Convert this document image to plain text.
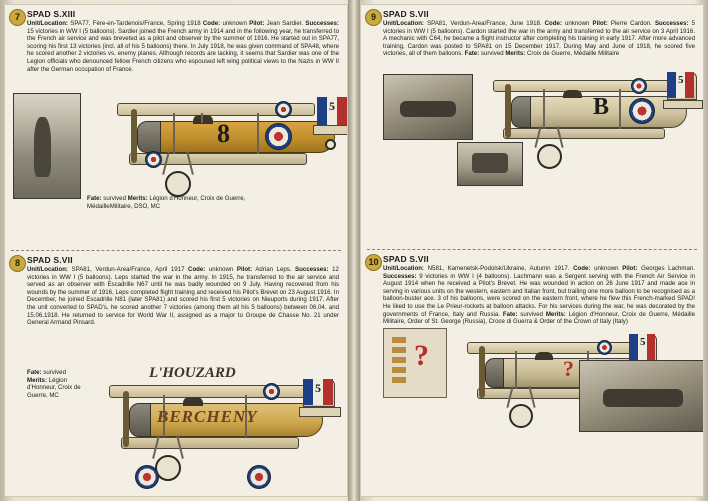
7 SPAD S.XIII

Unit/Location: SPA77, Fère-en-Tardenois/France, Spring 1918 Code: unknown Pilot: Jean Sardier. Successes: 15 victories in WW I (5 balloons). Sardier joined the French army in 1914 and in the following year, he transferred to the French air service and was breveted as a pilot and observer by the summer of 1916. He started out in SPA77, scoring his first 13 victories (incl. all of his 5 balloons) there. In July 1918, he was given command of SPA48, where he scored another 2 victories vs. enemy planes. Although records are lacking, it seems that Sardier was one of the Legion officials who denounced fellow French citizens who espoused left wing political views to the Nazis in WW II after the German occupation of France.

5
8
Fate: survived Merits: Légion d'Honneur, Croix de Guerre, MédailleMilitaire, DSO, MC
8 SPAD S.VII

Unit/Location: SPA81, Verdun-Area/France, April 1917 Code: unknown Pilot: Adrian Leps. Successes: 12 victories in WW I (5 balloons). Leps started the war in the army. In 1915, he transferred to the air service and served as an observer with Escadrille N67 until he was badly wounded on 9 July. Having recovered from his wounds by the summer of 1916, Leps completed flight training and received his Pilot's Brevet on 23 August 1916. In December, he joined Escadrille N81 (later SPA81) and scored his first 5 victories on Nieuports during 1917. After the unit converted to SPAD's, he scored another 7 victories (among them all his 5 balloons) between 06.04. and 15.06.1918. He returned to service for World War II, assigned as a major to Groupe de Chasse No. 21 under General Armand Pinsard.

Fate: survived
Merits: Légion d'Honneur, Croix de Guerre, MC
5
L'HOUZARD
BERCHENY
9 SPAD S.VII

Unit/Location: SPA81, Verdun-Area/France, June 1918. Code: unknown Pilot: Pierre Cardon. Successes: 5 victories in WW I (5 balloons). Cardon started the war in the army and transferred to the air service on 3 April 1916. A mechanic with C64, he became a flight instructor after completing his training in early 1917. After more advanced training, Cardon was posted to SPA81 on 15 December 1917. During May and June of 1918, he scored five victories, all of them balloons. Fate: survived Merits: Croix de Guerre, Médaille Militaire

5
B
10 SPAD S.VII

Unit/Location: N581, Kamenetsk-Podolsk/Ukraine, Autumn 1917. Code: unknown Pilot: Georges Lachman. Successes: 9 victories in WW I (4 balloons). Lachmann was a Sergent serving with the French Air Service in August 1914 when he received a Pilot's Brevet. He was wounded in action on 26 June 1917 and made ace in serving in various units on the western, eastern and Italian front, but trailing one more balloon to be recognised as a balloon-buster ace. 3 of his balloons, were scored on the eastern front, where he flew this French-marked SPAD! He liked to use the Le Prieur-rockets at balloon attacks. For his services during the war, he was decorated by the governments of France, Italy and Russia. Fate: survived Merits: Légion d'Honneur, Croix de Guerre, Médaille Militaire, Order of St. George (Russia), Croce di Guerra & Order of the Crown of Italy (Italy)

?	5
?
